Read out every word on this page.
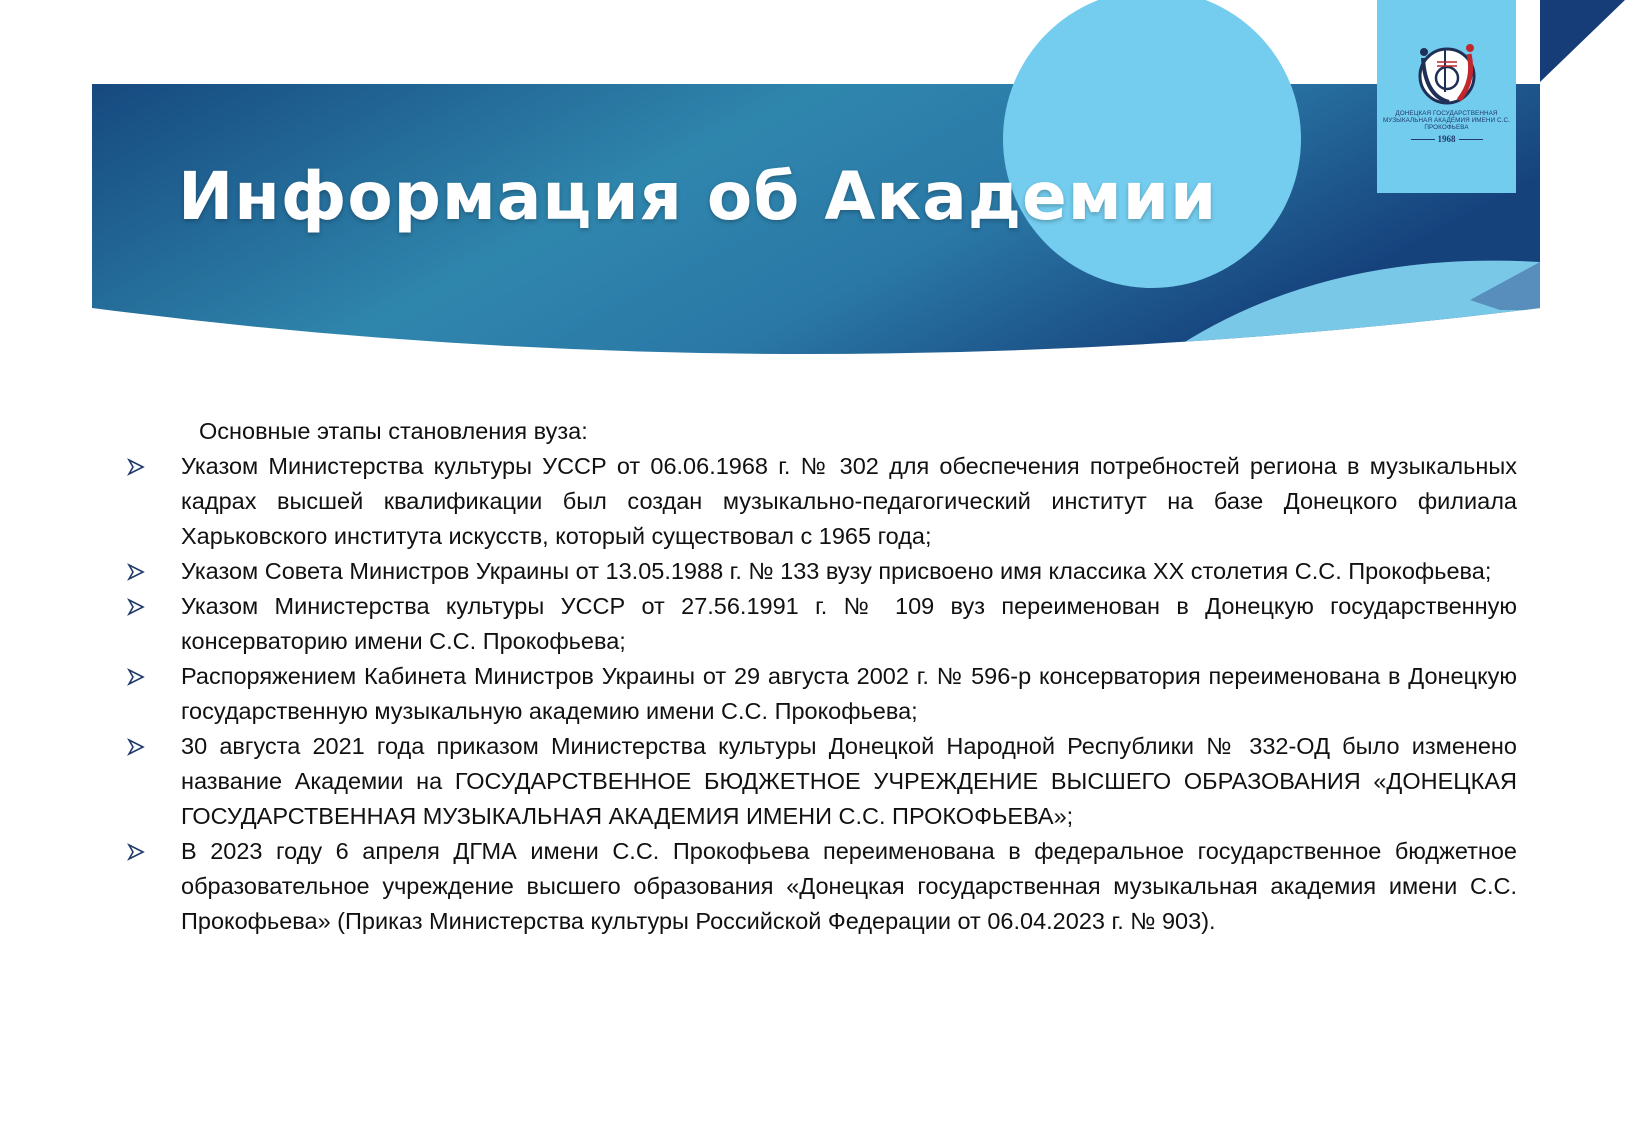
Информация об Академии
ДОНЕЦКАЯ ГОСУДАРСТВЕННАЯ МУЗЫКАЛЬНАЯ АКАДЕМИЯ ИМЕНИ С.С. ПРОКОФЬЕВА
1968

Основные этапы становления вуза:

Указом Министерства культуры УССР от 06.06.1968 г. № 302 для обеспечения потребностей региона в музыкальных кадрах высшей квалификации был создан музыкально-педагогический институт на базе Донецкого филиала Харьковского института искусств, который существовал с 1965 года;
Указом Совета Министров Украины от 13.05.1988 г. № 133 вузу присвоено имя классика ХХ столетия С.С. Прокофьева;
Указом Министерства культуры УССР от 27.56.1991 г. № 109 вуз переименован в Донецкую государственную консерваторию имени С.С. Прокофьева;
Распоряжением Кабинета Министров Украины от 29 августа 2002 г. № 596-р консерватория переименована в Донецкую государственную музыкальную академию имени С.С. Прокофьева;
30 августа 2021 года приказом Министерства культуры Донецкой Народной Республики № 332-ОД было изменено название Академии на ГОСУДАРСТВЕННОЕ БЮДЖЕТНОЕ УЧРЕЖДЕНИЕ ВЫСШЕГО ОБРАЗОВАНИЯ «ДОНЕЦКАЯ ГОСУДАРСТВЕННАЯ МУЗЫКАЛЬНАЯ АКАДЕМИЯ ИМЕНИ С.С. ПРОКОФЬЕВА»;
В 2023 году 6 апреля ДГМА имени С.С. Прокофьева переименована в федеральное государственное бюджетное образовательное учреждение высшего образования «Донецкая государственная музыкальная академия имени С.С. Прокофьева» (Приказ Министерства культуры Российской Федерации от 06.04.2023 г. № 903).
